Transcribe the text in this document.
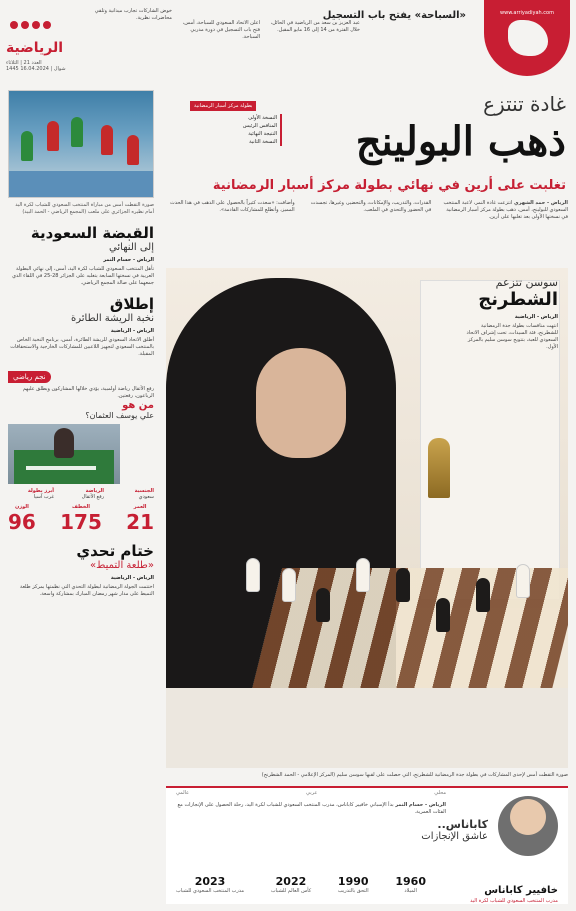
الرياضية
العدد 21 | الثلاثاء
1445 شوال | 16.04.2024
خوض الشاركات تجارب ميدانية وتلقي محاضرات نظرية.
اعلن الاتحاد السعودي للسباحة، أمس، فتح باب التسجيل في دورة مدربي السباحة.
عبد العزيز بن سعد من الرياضية في الحائل، خلال الفترة من 14 إلى 16 مايو المقبل.
«السباحة» يفتح باب التسجيل	www.arriyadiyah.com
صورة التقطت أمس من مباراة المنتخب السعودي للشباب لكرة اليد أمام نظيره الجزائري على ملعب (المجمع الرياضي - الحمد البيد)
القبضة السعودية
إلى النهائي
الرياض - حسام النمر
تأهل المنتخب السعودي للشباب لكرة اليد، أمس، إلى نهائي البطولة العربية في نسختها السابعة بتغلبه على الجزائر 28-25 في اللقاء الذي جمعهما على صالة المجمع الرياضي.
إطلاق
نخبة الريشة الطائرة
الرياض - الرياضية
أطلق الاتحاد السعودي للريشة الطائرة، أمس، برنامج النخبة الخاص بالمنتخب السعودي لتجهيز اللاعبين للمشاركات الخارجية والاستحقاقات المقبلة.
نجم رياضي
رفع الأثقال رياضة أولمبية، يؤدي خلالها المشاركون ويطلق عليهم الرباعون، رفعتين.
من هو
علي يوسف العثمان؟
الجنسية
سعودي
الرياضة
رفع الأثقال
أبرز بطولة
غرب آسيا
العمر
21
الخطف
175
الوزن
96
ختام تحدي
«طلعة التميط»
الرياض - الرياضية
اختتمت الجولة الرمضانية لبطولة التحدي التي نظمتها بمركز طلعة التميط على مدار شهر رمضان المبارك بمشاركة واسعة.
بطولة مركز أسبار الرمضانية
النسخة الأولى
المنافس الرئيس
النتيجة النهائية
النسخة الثانية
غادة تنتزع
ذهب البولينج
تغلبت على أرين في نهائي بطولة مركز أسبار الرمضانية

الرياض - حمد الشهري انتزعت غادة النمر، لاعبة المنتخب السعودي للبولينج، أمس، ذهب بطولة مركز أسبار الرمضانية في نسختها الأولى بعد تغلبها على أرين.

القدرات، والتدريب، والإمكانات، والتحضير، وغيرها، تجسدت في الحضور والتحدي في الملعب.

وأضافت: «سعدت كثيراً بالحصول على الذهب في هذا الحدث المميز، وأتطلع للمشاركات القادمة».

سوسن تتزعم
الشطرنج
الرياض - الرياضية
انتهت منافسات بطولة جدة الرمضانية للشطرنج، فئة السيدات، تحت إشراف الاتحاد السعودي للعبة، بتتويج سوسن سليم بالمركز الأول.
صورة التقطت أمس لإحدى المشاركات في بطولة جدة الرمضانية للشطرنج، التي حصلت على لقبها سوسن سليم (المركز الإعلامي - الحمد الشطرنج)
محلي
عربي
عالمي
الرياض - حسام النمر بدأ الإسباني خافيير كاباناس، مدرب المنتخب السعودي للشباب لكرة اليد، رحلة الحصول على الإنجازات مع الفئات العمرية.
كاباناس..
عاشق الإنجازات
1960
الميلاد
1990
التحق بالتدريب
2022
كأس العالم للشباب
2023
مدرب المنتخب السعودي للشباب	خافيير كاباناس
مدرب المنتخب السعودي للشباب لكرة اليد
